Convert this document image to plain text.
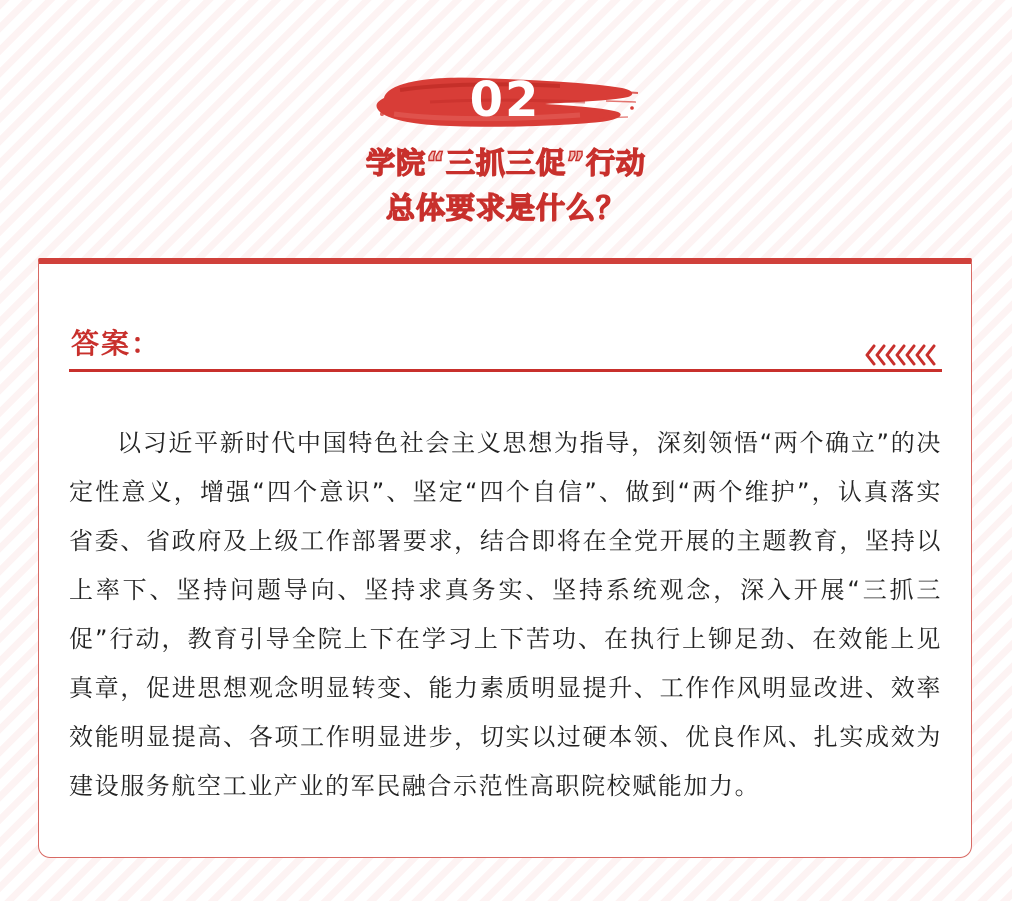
02
学院“三抓三促”行动
总体要求是什么？
答案：

以习近平新时代中国特色社会主义思想为指导，深刻领悟“两个确立”的决定性意义，增强“四个意识”、坚定“四个自信”、做到“两个维护”，认真落实省委、省政府及上级工作部署要求，结合即将在全党开展的主题教育，坚持以上率下、坚持问题导向、坚持求真务实、坚持系统观念，深入开展“三抓三促”行动，教育引导全院上下在学习上下苦功、在执行上铆足劲、在效能上见真章，促进思想观念明显转变、能力素质明显提升、工作作风明显改进、效率效能明显提高、各项工作明显进步，切实以过硬本领、优良作风、扎实成效为建设服务航空工业产业的军民融合示范性高职院校赋能加力。
